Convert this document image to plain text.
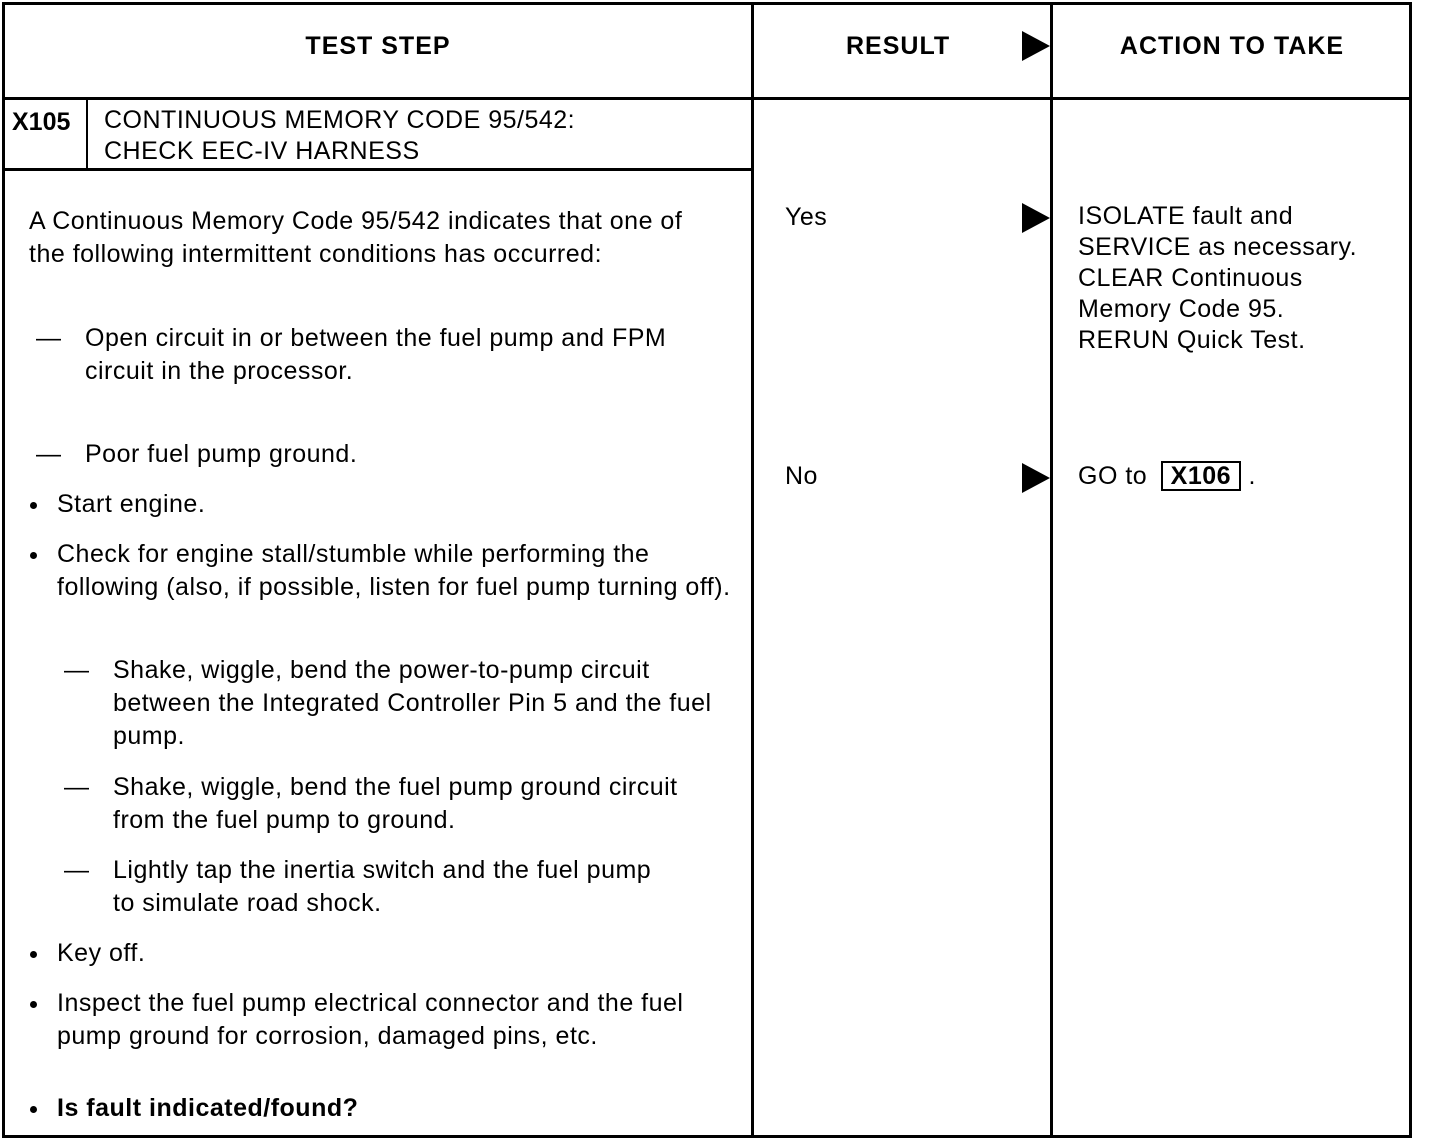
TEST STEP	RESULT	ACTION TO TAKE
X105 CONTINUOUS MEMORY CODE 95/542:
CHECK EEC-IV HARNESS
A Continuous Memory Code 95/542 indicates that one of the following intermittent conditions has occurred:
— Open circuit in or between the fuel pump and FPM circuit in the processor.
— Poor fuel pump ground.
Start engine.
Check for engine stall/stumble while performing the following (also, if possible, listen for fuel pump turning off).
— Shake, wiggle, bend the power-to-pump circuit between the Integrated Controller Pin 5 and the fuel pump.
— Shake, wiggle, bend the fuel pump ground circuit from the fuel pump to ground.
— Lightly tap the inertia switch and the fuel pump to simulate road shock.
Key off.
Inspect the fuel pump electrical connector and the fuel pump ground for corrosion, damaged pins, etc.
Is fault indicated/found?
Yes
No
ISOLATE fault and
SERVICE as necessary.
CLEAR Continuous
Memory Code 95.
RERUN Quick Test.
GO to X106 .
